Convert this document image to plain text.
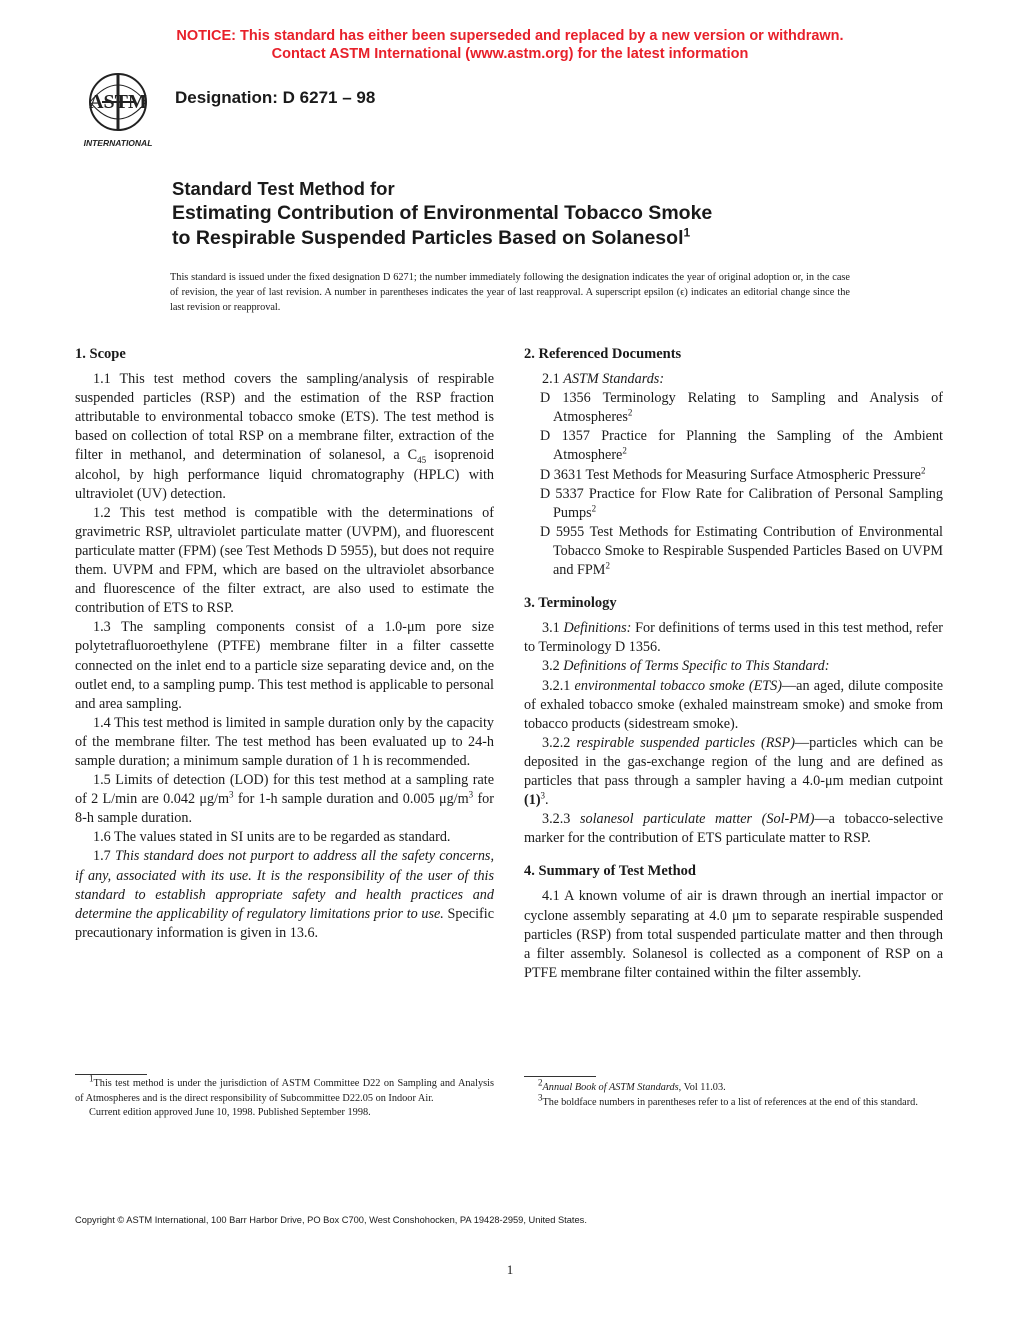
NOTICE: This standard has either been superseded and replaced by a new version or withdrawn.
Contact ASTM International (www.astm.org) for the latest information
ASTM
INTERNATIONAL
Designation: D 6271 – 98
Standard Test Method for
Estimating Contribution of Environmental Tobacco Smoke
to Respirable Suspended Particles Based on Solanesol$^1$
This standard is issued under the fixed designation D 6271; the number immediately following the designation indicates the year of original adoption or, in the case of revision, the year of last revision. A number in parentheses indicates the year of last reapproval. A superscript epsilon (ϵ) indicates an editorial change since the last revision or reapproval.
1. Scope

1.1 This test method covers the sampling/analysis of respirable suspended particles (RSP) and the estimation of the RSP fraction attributable to environmental tobacco smoke (ETS). The test method is based on collection of total RSP on a membrane filter, extraction of the filter in methanol, and determination of solanesol, a $C_{45}$ isoprenoid alcohol, by high performance liquid chromatography (HPLC) with ultraviolet (UV) detection.

1.2 This test method is compatible with the determinations of gravimetric RSP, ultraviolet particulate matter (UVPM), and fluorescent particulate matter (FPM) (see Test Methods D 5955), but does not require them. UVPM and FPM, which are based on the ultraviolet absorbance and fluorescence of the filter extract, are also used to estimate the contribution of ETS to RSP.

1.3 The sampling components consist of a 1.0-μm pore size polytetrafluoroethylene (PTFE) membrane filter in a filter cassette connected on the inlet end to a particle size separating device and, on the outlet end, to a sampling pump. This test method is applicable to personal and area sampling.

1.4 This test method is limited in sample duration only by the capacity of the membrane filter. The test method has been evaluated up to 24-h sample duration; a minimum sample duration of 1 h is recommended.

1.5 Limits of detection (LOD) for this test method at a sampling rate of 2 L/min are 0.042 $\mu g/m^3$ for 1-h sample duration and 0.005 $\mu g/m^3$ for 8-h sample duration.

1.6 The values stated in SI units are to be regarded as standard.

1.7 This standard does not purport to address all the safety concerns, if any, associated with its use. It is the responsibility of the user of this standard to establish appropriate safety and health practices and determine the applicability of regulatory limitations prior to use. Specific precautionary information is given in 13.6.

2. Referenced Documents

2.1 ASTM Standards:

D 1356 Terminology Relating to Sampling and Analysis of Atmospheres$^2$

D 1357 Practice for Planning the Sampling of the Ambient Atmosphere$^2$

D 3631 Test Methods for Measuring Surface Atmospheric Pressure$^2$

D 5337 Practice for Flow Rate for Calibration of Personal Sampling Pumps$^2$

D 5955 Test Methods for Estimating Contribution of Environmental Tobacco Smoke to Respirable Suspended Particles Based on UVPM and FPM$^2$

3. Terminology

3.1 Definitions: For definitions of terms used in this test method, refer to Terminology D 1356.

3.2 Definitions of Terms Specific to This Standard:

3.2.1 environmental tobacco smoke (ETS)—an aged, dilute composite of exhaled tobacco smoke (exhaled mainstream smoke) and smoke from tobacco products (sidestream smoke).

3.2.2 respirable suspended particles (RSP)—particles which can be deposited in the gas-exchange region of the lung and are defined as particles that pass through a sampler having a 4.0-μm median cutpoint $(1)^3$.

3.2.3 solanesol particulate matter (Sol-PM)—a tobacco-selective marker for the contribution of ETS particulate matter to RSP.

4. Summary of Test Method

4.1 A known volume of air is drawn through an inertial impactor or cyclone assembly separating at 4.0 μm to separate respirable suspended particles (RSP) from total suspended particulate matter and then through a filter assembly. Solanesol is collected as a component of RSP on a PTFE membrane filter contained within the filter assembly.

$^1$This test method is under the jurisdiction of ASTM Committee D22 on Sampling and Analysis of Atmospheres and is the direct responsibility of Subcommittee D22.05 on Indoor Air.
Current edition approved June 10, 1998. Published September 1998.
$^2$Annual Book of ASTM Standards, Vol 11.03.
$^3$The boldface numbers in parentheses refer to a list of references at the end of this standard.
Copyright © ASTM International, 100 Barr Harbor Drive, PO Box C700, West Conshohocken, PA 19428-2959, United States.
1
